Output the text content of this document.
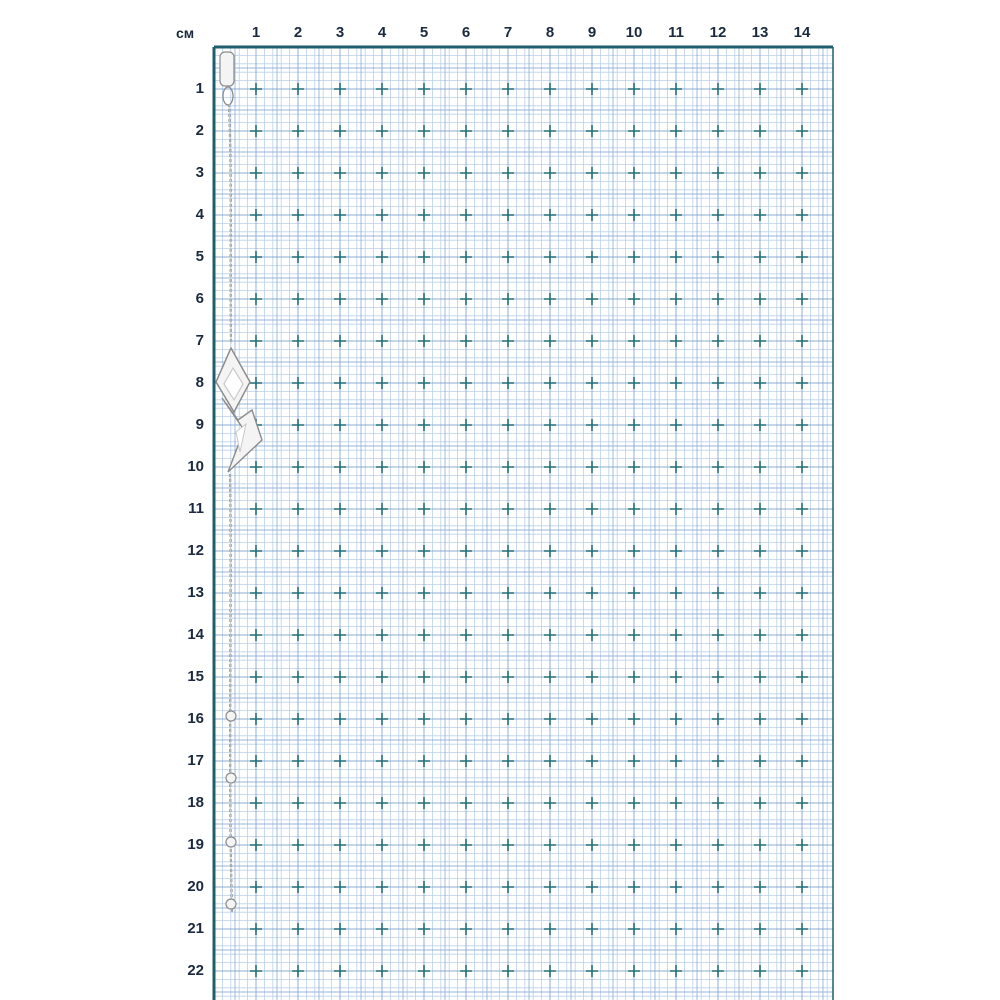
см	1	2	3	4	5	6	7	8	9	10	11	12	13	14
1
2
3
4
5
6
7
8
9
10
11
12
13
14
15
16
17
18
19
20
21
22
